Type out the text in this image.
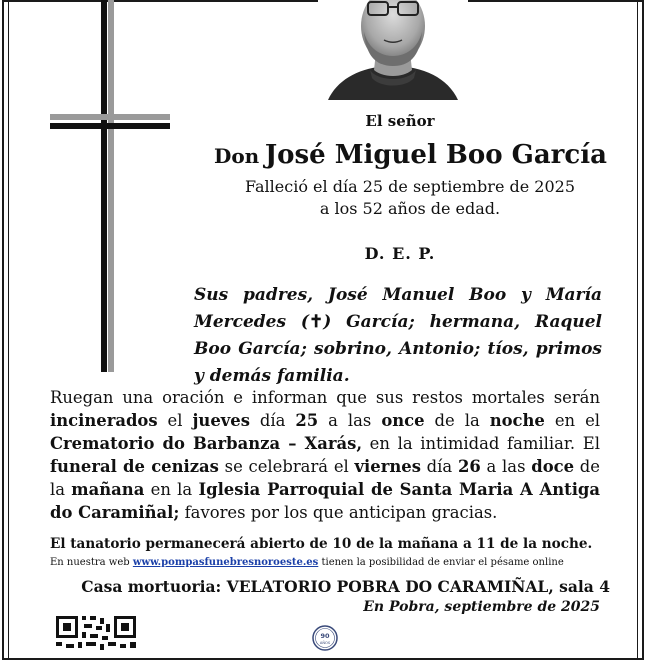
El señor
Don José Miguel Boo García
Falleció el día 25 de septiembre de 2025
a los 52 años de edad.
D. E. P.
Sus padres, José Manuel Boo y María Mercedes (✝) García; hermana, Raquel Boo García; sobrino, Antonio; tíos, primos y demás familia.
Ruegan una oración e informan que sus restos mortales serán incinerados el jueves día 25 a las once de la noche en el Crematorio do Barbanza – Xarás, en la intimidad familiar. El funeral de cenizas se celebrará el viernes día 26 a las doce de la mañana en la Iglesia Parroquial de Santa Maria A Antiga do Caramiñal; favores por los que anticipan gracias.
El tanatorio permanecerá abierto de 10 de la mañana a 11 de la noche.
En nuestra web www.pompasfunebresnoroeste.es tienen la posibilidad de enviar el pésame online
Casa mortuoria: VELATORIO POBRA DO CARAMIÑAL, sala 4
En Pobra, septiembre de 2025
90
AÑOS
